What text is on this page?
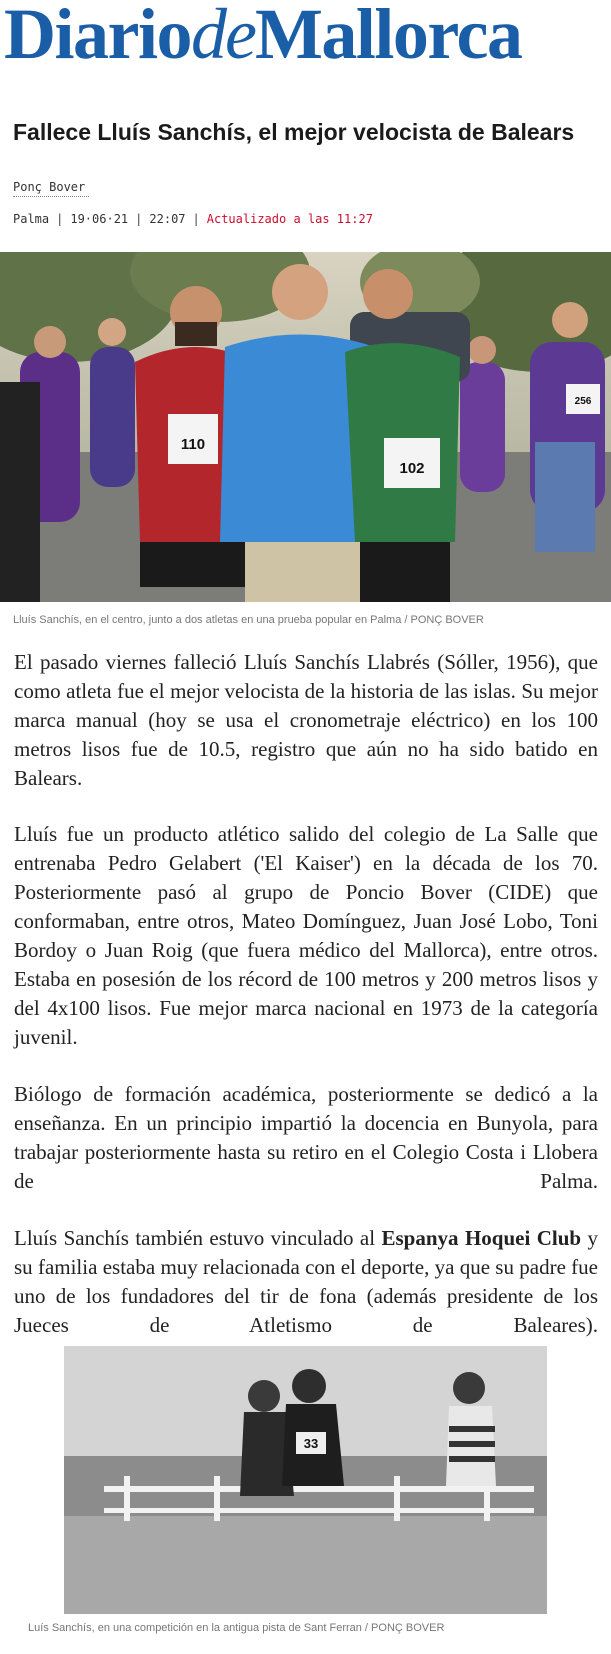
DiariodeMallorca
Fallece Lluís Sanchís, el mejor velocista de Balears
Ponç Bover
Palma | 19·06·21 | 22:07 | Actualizado a las 11:27
110
102
256
Lluís Sanchís, en el centro, junto a dos atletas en una prueba popular en Palma / PONÇ BOVER

El pasado viernes falleció Lluís Sanchís Llabrés (Sóller, 1956), que como atleta fue el mejor velocista de la historia de las islas. Su mejor marca manual (hoy se usa el cronometraje eléctrico) en los 100 metros lisos fue de 10.5, registro que aún no ha sido batido en Balears.

Lluís fue un producto atlético salido del colegio de La Salle que entrenaba Pedro Gelabert ('El Kaiser') en la década de los 70. Posteriormente pasó al grupo de Poncio Bover (CIDE) que conformaban, entre otros, Mateo Domínguez, Juan José Lobo, Toni Bordoy o Juan Roig (que fuera médico del Mallorca), entre otros. Estaba en posesión de los récord de 100 metros y 200 metros lisos y del 4x100 lisos. Fue mejor marca nacional en 1973 de la categoría juvenil.

Biólogo de formación académica, posteriormente se dedicó a la enseñanza. En un principio impartió la docencia en Bunyola, para trabajar posteriormente hasta su retiro en el Colegio Costa i Llobera de Palma.

Lluís Sanchís también estuvo vinculado al Espanya Hoquei Club y su familia estaba muy relacionada con el deporte, ya que su padre fue uno de los fundadores del tir de fona (además presidente de los Jueces de Atletismo de Baleares).

33
Luís Sanchís, en una competición en la antigua pista de Sant Ferran / PONÇ BOVER
